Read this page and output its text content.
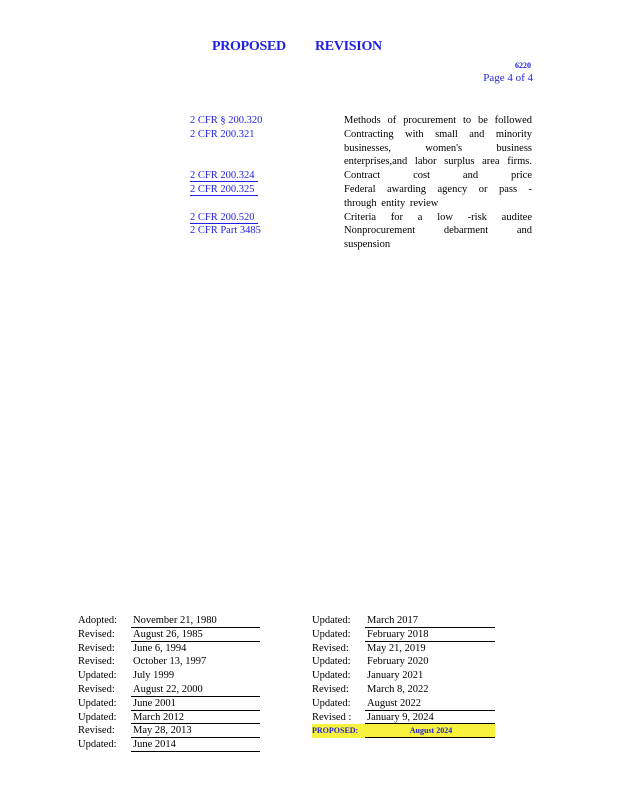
PROPOSED REVISION
6220
Page 4 of 4
2 CFR § 200.320	Methods of procurement to be followed
2 CFR 200.321	Contracting with small and minority businesses, women's business enterprises,and labor surplus area firms.
2 CFR 200.324	Contract cost and price
2 CFR 200.325	Federal awarding agency or pass - through entity review
2 CFR 200.520	Criteria for a low -risk auditee
2 CFR Part 3485	Nonprocurement debarment and suspension
Adopted:	November 21, 1980
Revised:	August 26, 1985
Revised:	June 6, 1994
Revised:	October 13, 1997
Updated:	July 1999
Revised:	August 22, 2000
Updated:	June 2001
Updated:	March 2012
Revised:	May 28, 2013
Updated:	June 2014
Updated:	March 2017
Updated:	February 2018
Revised:	May 21, 2019
Updated:	February 2020
Updated:	January 2021
Revised:	March 8, 2022
Updated:	August 2022
Revised :	January 9, 2024
PROPOSED:	August 2024
